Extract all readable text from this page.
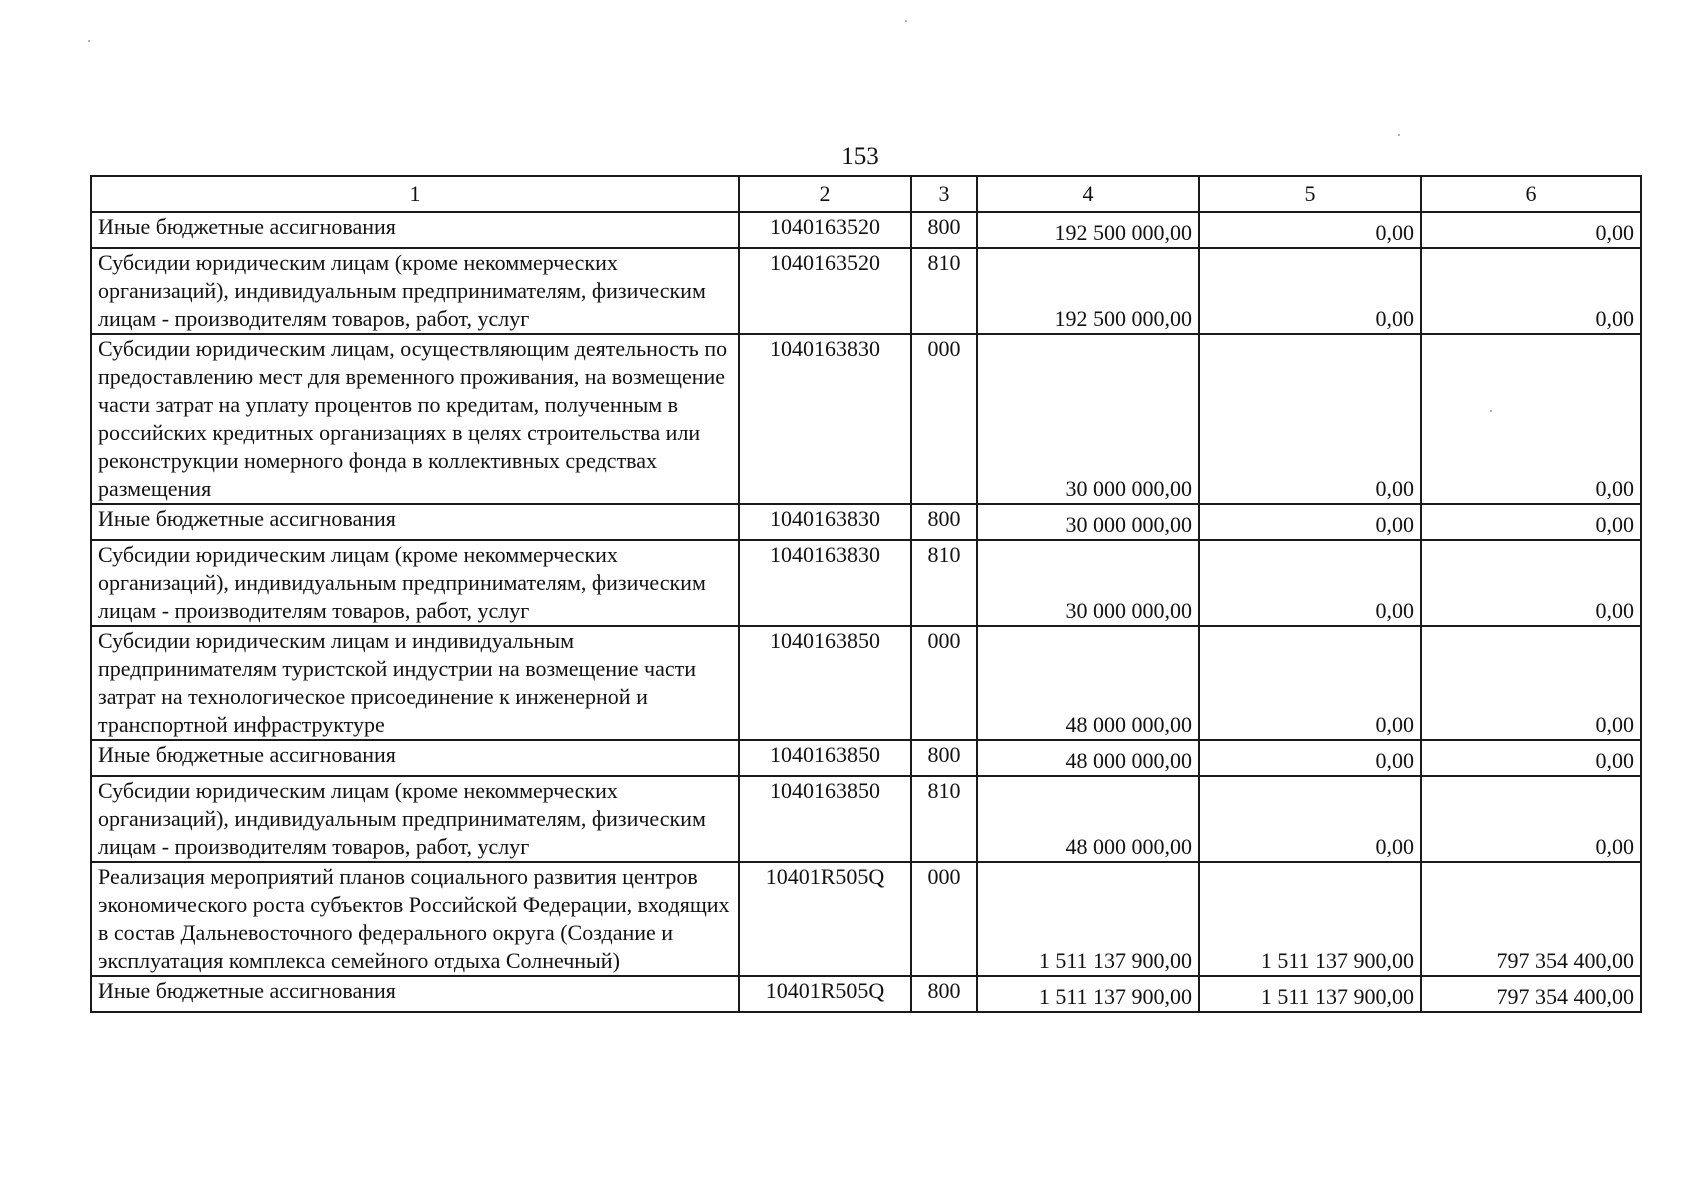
153
1	2	3	4	5	6
Иные бюджетные ассигнования	1040163520	800	192 500 000,00	0,00	0,00
Субсидии юридическим лицам (кроме некоммерческих организаций), индивидуальным предпринимателям, физическим лицам - производителям товаров, работ, услуг	1040163520	810	192 500 000,00	0,00	0,00
Субсидии юридическим лицам, осуществляющим деятельность по предоставлению мест для временного проживания, на возмещение части затрат на уплату процентов по кредитам, полученным в российских кредитных организациях в целях строительства или реконструкции номерного фонда в коллективных средствах размещения	1040163830	000	30 000 000,00	0,00	0,00
Иные бюджетные ассигнования	1040163830	800	30 000 000,00	0,00	0,00
Субсидии юридическим лицам (кроме некоммерческих организаций), индивидуальным предпринимателям, физическим лицам - производителям товаров, работ, услуг	1040163830	810	30 000 000,00	0,00	0,00
Субсидии юридическим лицам и индивидуальным предпринимателям туристской индустрии на возмещение части затрат на технологическое присоединение к инженерной и транспортной инфраструктуре	1040163850	000	48 000 000,00	0,00	0,00
Иные бюджетные ассигнования	1040163850	800	48 000 000,00	0,00	0,00
Субсидии юридическим лицам (кроме некоммерческих организаций), индивидуальным предпринимателям, физическим лицам - производителям товаров, работ, услуг	1040163850	810	48 000 000,00	0,00	0,00
Реализация мероприятий планов социального развития центров экономического роста субъектов Российской Федерации, входящих в состав Дальневосточного федерального округа (Создание и эксплуатация комплекса семейного отдыха Солнечный)	10401R505Q	000	1 511 137 900,00	1 511 137 900,00	797 354 400,00
Иные бюджетные ассигнования	10401R505Q	800	1 511 137 900,00	1 511 137 900,00	797 354 400,00
